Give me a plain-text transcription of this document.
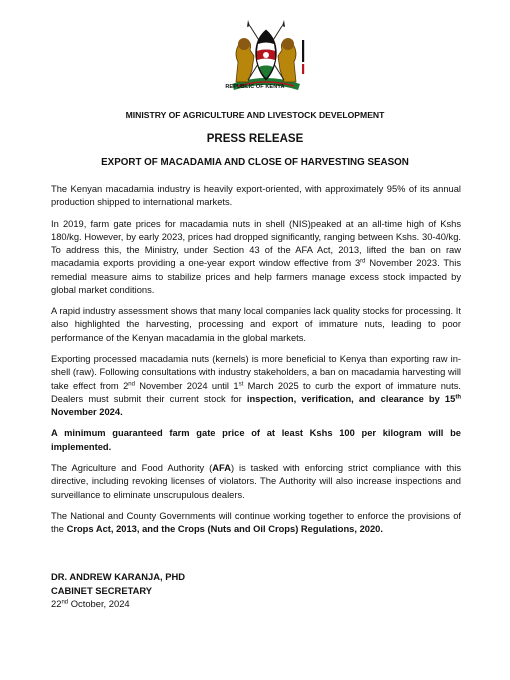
REPUBLIC OF KENYA
MINISTRY OF AGRICULTURE AND LIVESTOCK DEVELOPMENT
PRESS RELEASE
EXPORT OF MACADAMIA AND CLOSE OF HARVESTING SEASON

The Kenyan macadamia industry is heavily export-oriented, with approximately 95% of its annual production shipped to international markets.

In 2019, farm gate prices for macadamia nuts in shell (NIS)peaked at an all-time high of Kshs 180/kg. However, by early 2023, prices had dropped significantly, ranging between Kshs. 30-40/kg. To address this, the Ministry, under Section 43 of the AFA Act, 2013, lifted the ban on raw macadamia exports providing a one-year export window effective from 3rd November 2023. This remedial measure aims to stabilize prices and help farmers manage excess stock impacted by global market conditions.

A rapid industry assessment shows that many local companies lack quality stocks for processing. It also highlighted the harvesting, processing and export of immature nuts, leading to poor performance of the Kenyan macadamia in the global markets.

Exporting processed macadamia nuts (kernels) is more beneficial to Kenya than exporting raw in-shell (raw). Following consultations with industry stakeholders, a ban on macadamia harvesting will take effect from 2nd November 2024 until 1st March 2025 to curb the export of immature nuts. Dealers must submit their current stock for inspection, verification, and clearance by 15th November 2024.

A minimum guaranteed farm gate price of at least Kshs 100 per kilogram will be implemented.

The Agriculture and Food Authority (AFA) is tasked with enforcing strict compliance with this directive, including revoking licenses of violators. The Authority will also increase inspections and surveillance to eliminate unscrupulous dealers.

The National and County Governments will continue working together to enforce the provisions of the Crops Act, 2013, and the Crops (Nuts and Oil Crops) Regulations, 2020.

DR. ANDREW KARANJA, PHD
CABINET SECRETARY
22nd October, 2024
